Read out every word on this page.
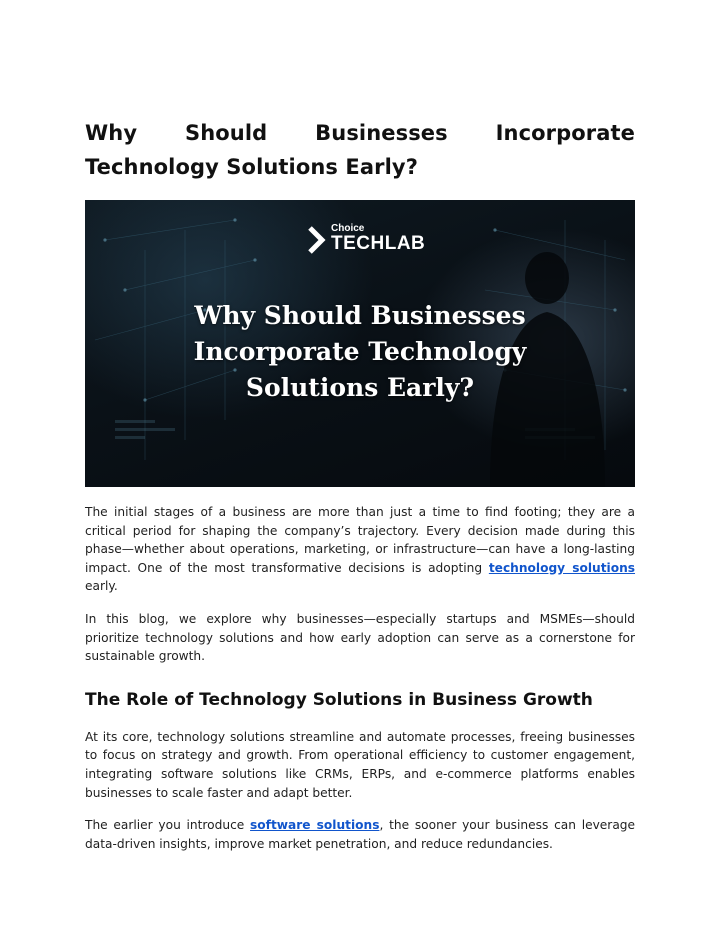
Why Should Businesses Incorporate
Technology Solutions Early?
Choice
TECHLAB
Why Should Businesses
Incorporate Technology
Solutions Early?

The initial stages of a business are more than just a time to find footing; they are a critical period for shaping the company’s trajectory. Every decision made during this phase—whether about operations, marketing, or infrastructure—can have a long-lasting impact. One of the most transformative decisions is adopting technology solutions early.

In this blog, we explore why businesses—especially startups and MSMEs—should prioritize technology solutions and how early adoption can serve as a cornerstone for sustainable growth.

The Role of Technology Solutions in Business Growth

At its core, technology solutions streamline and automate processes, freeing businesses to focus on strategy and growth. From operational efficiency to customer engagement, integrating software solutions like CRMs, ERPs, and e-commerce platforms enables businesses to scale faster and adapt better.

The earlier you introduce software solutions, the sooner your business can leverage data-driven insights, improve market penetration, and reduce redundancies.
